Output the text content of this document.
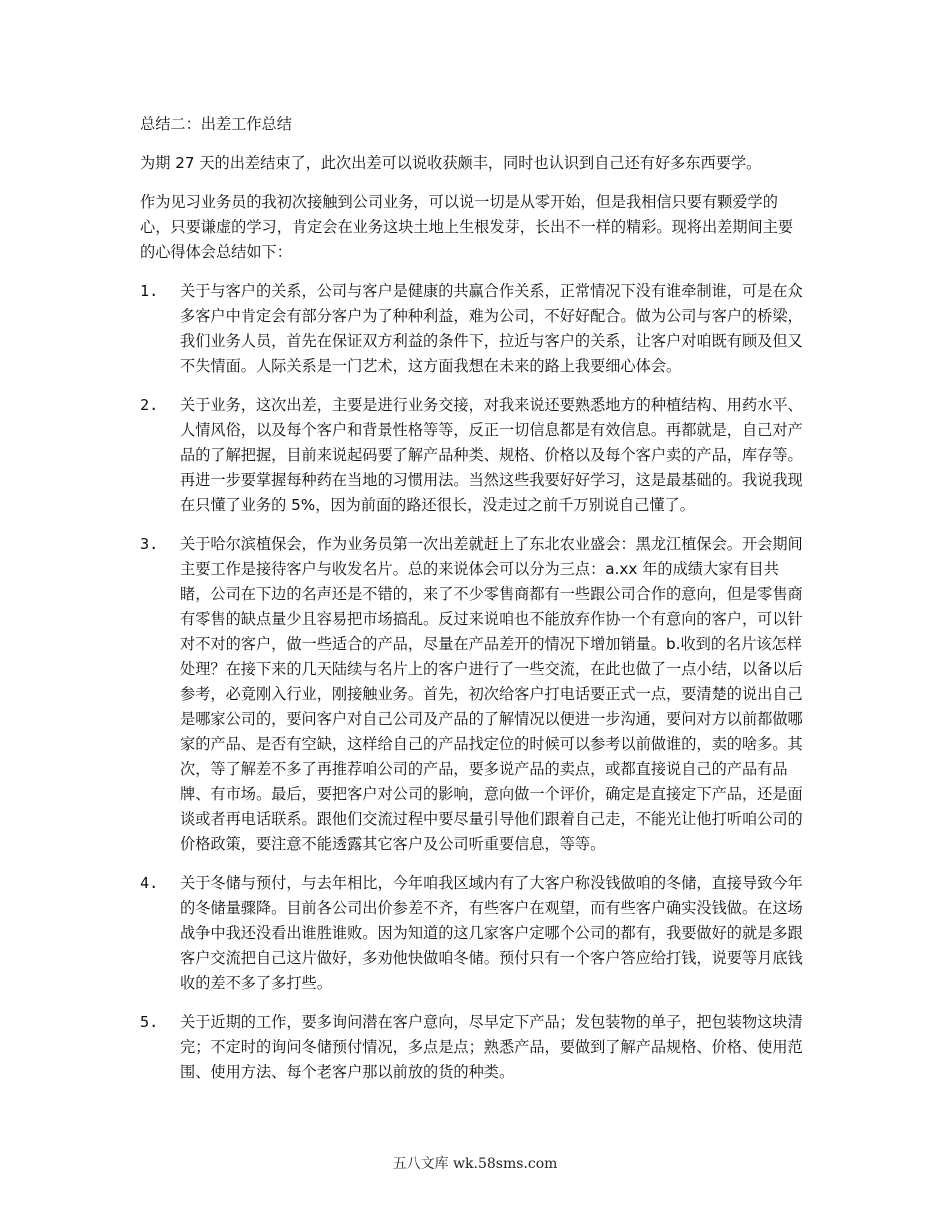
总结二：出差工作总结
为期 27 天的出差结束了，此次出差可以说收获颇丰，同时也认识到自己还有好多东西要学。
作为见习业务员的我初次接触到公司业务，可以说一切是从零开始，但是我相信只要有颗爱学的心，只要谦虚的学习，肯定会在业务这块土地上生根发芽，长出不一样的精彩。现将出差期间主要的心得体会总结如下：
1.	关于与客户的关系，公司与客户是健康的共赢合作关系，正常情况下没有谁牵制谁，可是在众多客户中肯定会有部分客户为了种种利益，难为公司，不好好配合。做为公司与客户的桥梁，我们业务人员，首先在保证双方利益的条件下，拉近与客户的关系，让客户对咱既有顾及但又不失情面。人际关系是一门艺术，这方面我想在未来的路上我要细心体会。
2.	关于业务，这次出差，主要是进行业务交接，对我来说还要熟悉地方的种植结构、用药水平、人情风俗，以及每个客户和背景性格等等，反正一切信息都是有效信息。再都就是，自己对产品的了解把握，目前来说起码要了解产品种类、规格、价格以及每个客户卖的产品，库存等。再进一步要掌握每种药在当地的习惯用法。当然这些我要好好学习，这是最基础的。我说我现在只懂了业务的 5%，因为前面的路还很长，没走过之前千万别说自己懂了。
3.	关于哈尔滨植保会，作为业务员第一次出差就赶上了东北农业盛会：黑龙江植保会。开会期间主要工作是接待客户与收发名片。总的来说体会可以分为三点：a.xx 年的成绩大家有目共睹，公司在下边的名声还是不错的，来了不少零售商都有一些跟公司合作的意向，但是零售商有零售的缺点量少且容易把市场搞乱。反过来说咱也不能放弃作协一个有意向的客户，可以针对不对的客户，做一些适合的产品，尽量在产品差开的情况下增加销量。b.收到的名片该怎样处理？在接下来的几天陆续与名片上的客户进行了一些交流，在此也做了一点小结，以备以后参考，必竟刚入行业，刚接触业务。首先，初次给客户打电话要正式一点，要清楚的说出自己是哪家公司的，要问客户对自己公司及产品的了解情况以便进一步沟通，要问对方以前都做哪家的产品、是否有空缺，这样给自己的产品找定位的时候可以参考以前做谁的，卖的啥多。其次，等了解差不多了再推荐咱公司的产品，要多说产品的卖点，或都直接说自己的产品有品牌、有市场。最后，要把客户对公司的影响，意向做一个评价，确定是直接定下产品，还是面谈或者再电话联系。跟他们交流过程中要尽量引导他们跟着自己走，不能光让他打听咱公司的价格政策，要注意不能透露其它客户及公司听重要信息，等等。
4.	关于冬储与预付，与去年相比，今年咱我区域内有了大客户称没钱做咱的冬储，直接导致今年的冬储量骤降。目前各公司出价参差不齐，有些客户在观望，而有些客户确实没钱做。在这场战争中我还没看出谁胜谁败。因为知道的这几家客户定哪个公司的都有，我要做好的就是多跟客户交流把自己这片做好，多劝他快做咱冬储。预付只有一个客户答应给打钱，说要等月底钱收的差不多了多打些。
5.	关于近期的工作，要多询问潜在客户意向，尽早定下产品；发包装物的单子，把包装物这块清完；不定时的询问冬储预付情况，多点是点；熟悉产品，要做到了解产品规格、价格、使用范围、使用方法、每个老客户那以前放的货的种类。
五八文库 wk.58sms.com
